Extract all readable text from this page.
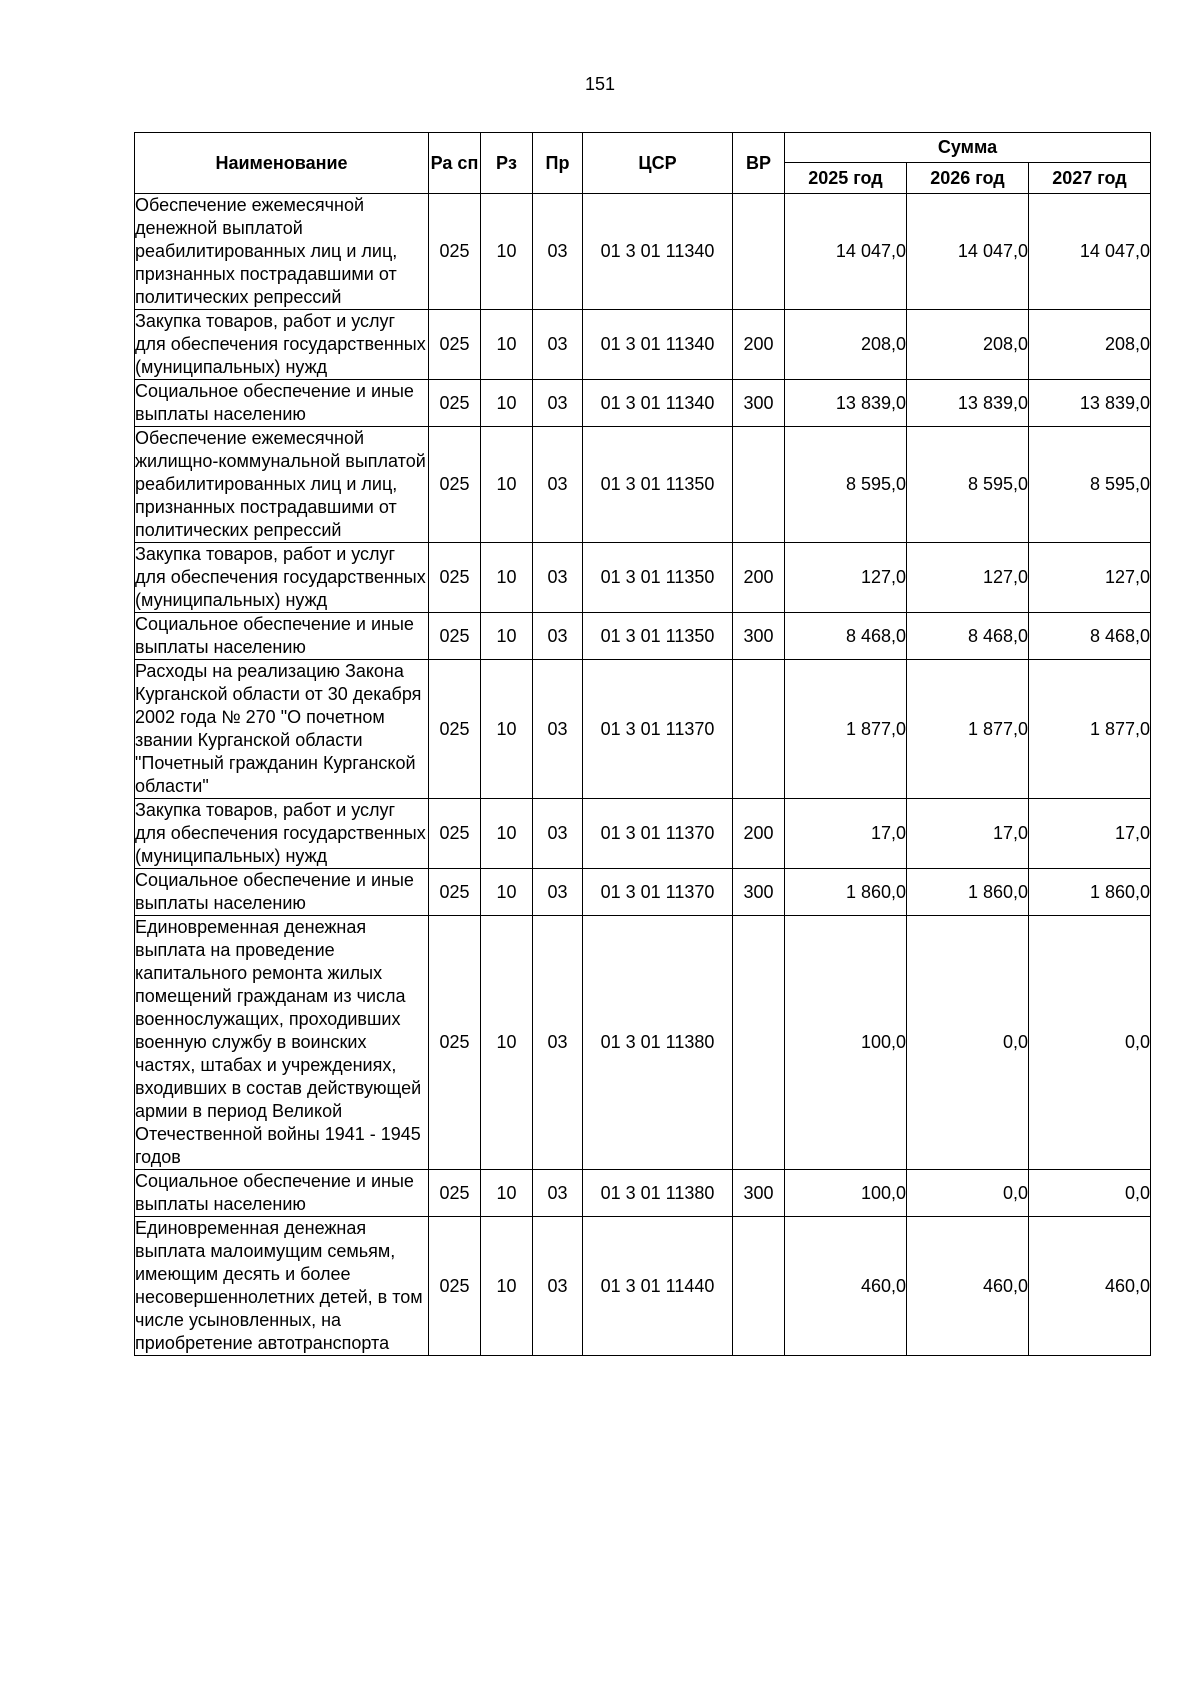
151
Наименование	Ра сп	Рз	Пр	ЦСР	ВР	Сумма		
						2025 год	2026 год	2027 год
Обеспечение ежемесячной денежной выплатой реабилитированных лиц и лиц, признанных пострадавшими от политических репрессий	025	10	03	01 3 01 11340		14 047,0	14 047,0	14 047,0
Закупка товаров, работ и услуг для обеспечения государственных (муниципальных) нужд	025	10	03	01 3 01 11340	200	208,0	208,0	208,0
Социальное обеспечение и иные выплаты населению	025	10	03	01 3 01 11340	300	13 839,0	13 839,0	13 839,0
Обеспечение ежемесячной жилищно-коммунальной выплатой реабилитированных лиц и лиц, признанных пострадавшими от политических репрессий	025	10	03	01 3 01 11350		8 595,0	8 595,0	8 595,0
Закупка товаров, работ и услуг для обеспечения государственных (муниципальных) нужд	025	10	03	01 3 01 11350	200	127,0	127,0	127,0
Социальное обеспечение и иные выплаты населению	025	10	03	01 3 01 11350	300	8 468,0	8 468,0	8 468,0
Расходы на реализацию Закона Курганской области от 30 декабря 2002 года № 270 "О почетном звании Курганской области "Почетный гражданин Курганской области"	025	10	03	01 3 01 11370		1 877,0	1 877,0	1 877,0
Закупка товаров, работ и услуг для обеспечения государственных (муниципальных) нужд	025	10	03	01 3 01 11370	200	17,0	17,0	17,0
Социальное обеспечение и иные выплаты населению	025	10	03	01 3 01 11370	300	1 860,0	1 860,0	1 860,0
Единовременная денежная выплата на проведение капитального ремонта жилых помещений гражданам из числа военнослужащих, проходивших военную службу в воинских частях, штабах и учреждениях, входивших в состав действующей армии в период Великой Отечественной войны 1941 - 1945 годов	025	10	03	01 3 01 11380		100,0	0,0	0,0
Социальное обеспечение и иные выплаты населению	025	10	03	01 3 01 11380	300	100,0	0,0	0,0
Единовременная денежная выплата малоимущим семьям, имеющим десять и более несовершеннолетних детей, в том числе усыновленных, на приобретение автотранспорта	025	10	03	01 3 01 11440		460,0	460,0	460,0
